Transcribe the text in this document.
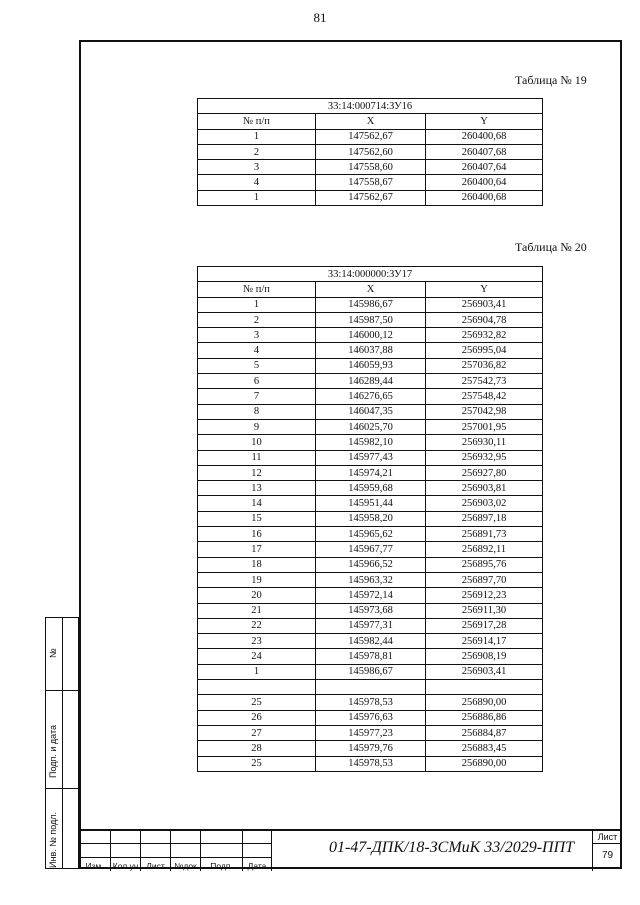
81
Таблица № 19
33:14:000714:ЗУ16		
№ п/п	X	Y
1	147562,67	260400,68
2	147562,60	260407,68
3	147558,60	260407,64
4	147558,67	260400,64
1	147562,67	260400,68
Таблица № 20
33:14:000000:ЗУ17		
№ п/п	X	Y
1	145986,67	256903,41
2	145987,50	256904,78
3	146000,12	256932,82
4	146037,88	256995,04
5	146059,93	257036,82
6	146289,44	257542,73
7	146276,65	257548,42
8	146047,35	257042,98
9	146025,70	257001,95
10	145982,10	256930,11
11	145977,43	256932,95
12	145974,21	256927,80
13	145959,68	256903,81
14	145951,44	256903,02
15	145958,20	256897,18
16	145965,62	256891,73
17	145967,77	256892,11
18	145966,52	256895,76
19	145963,32	256897,70
20	145972,14	256912,23
21	145973,68	256911,30
22	145977,31	256917,28
23	145982,44	256914,17
24	145978,81	256908,19
1	145986,67	256903,41

25	145978,53	256890,00
26	145976,63	256886,86
27	145977,23	256884,87
28	145979,76	256883,45
25	145978,53	256890,00
Инв. № подл.
Подп. и дата
№
Изм.	Кол.уч Лист	№док	Подп.	Дата
01-47-ДПК/18-ЗСМиК 33/2029-ППТ
Лист
79
